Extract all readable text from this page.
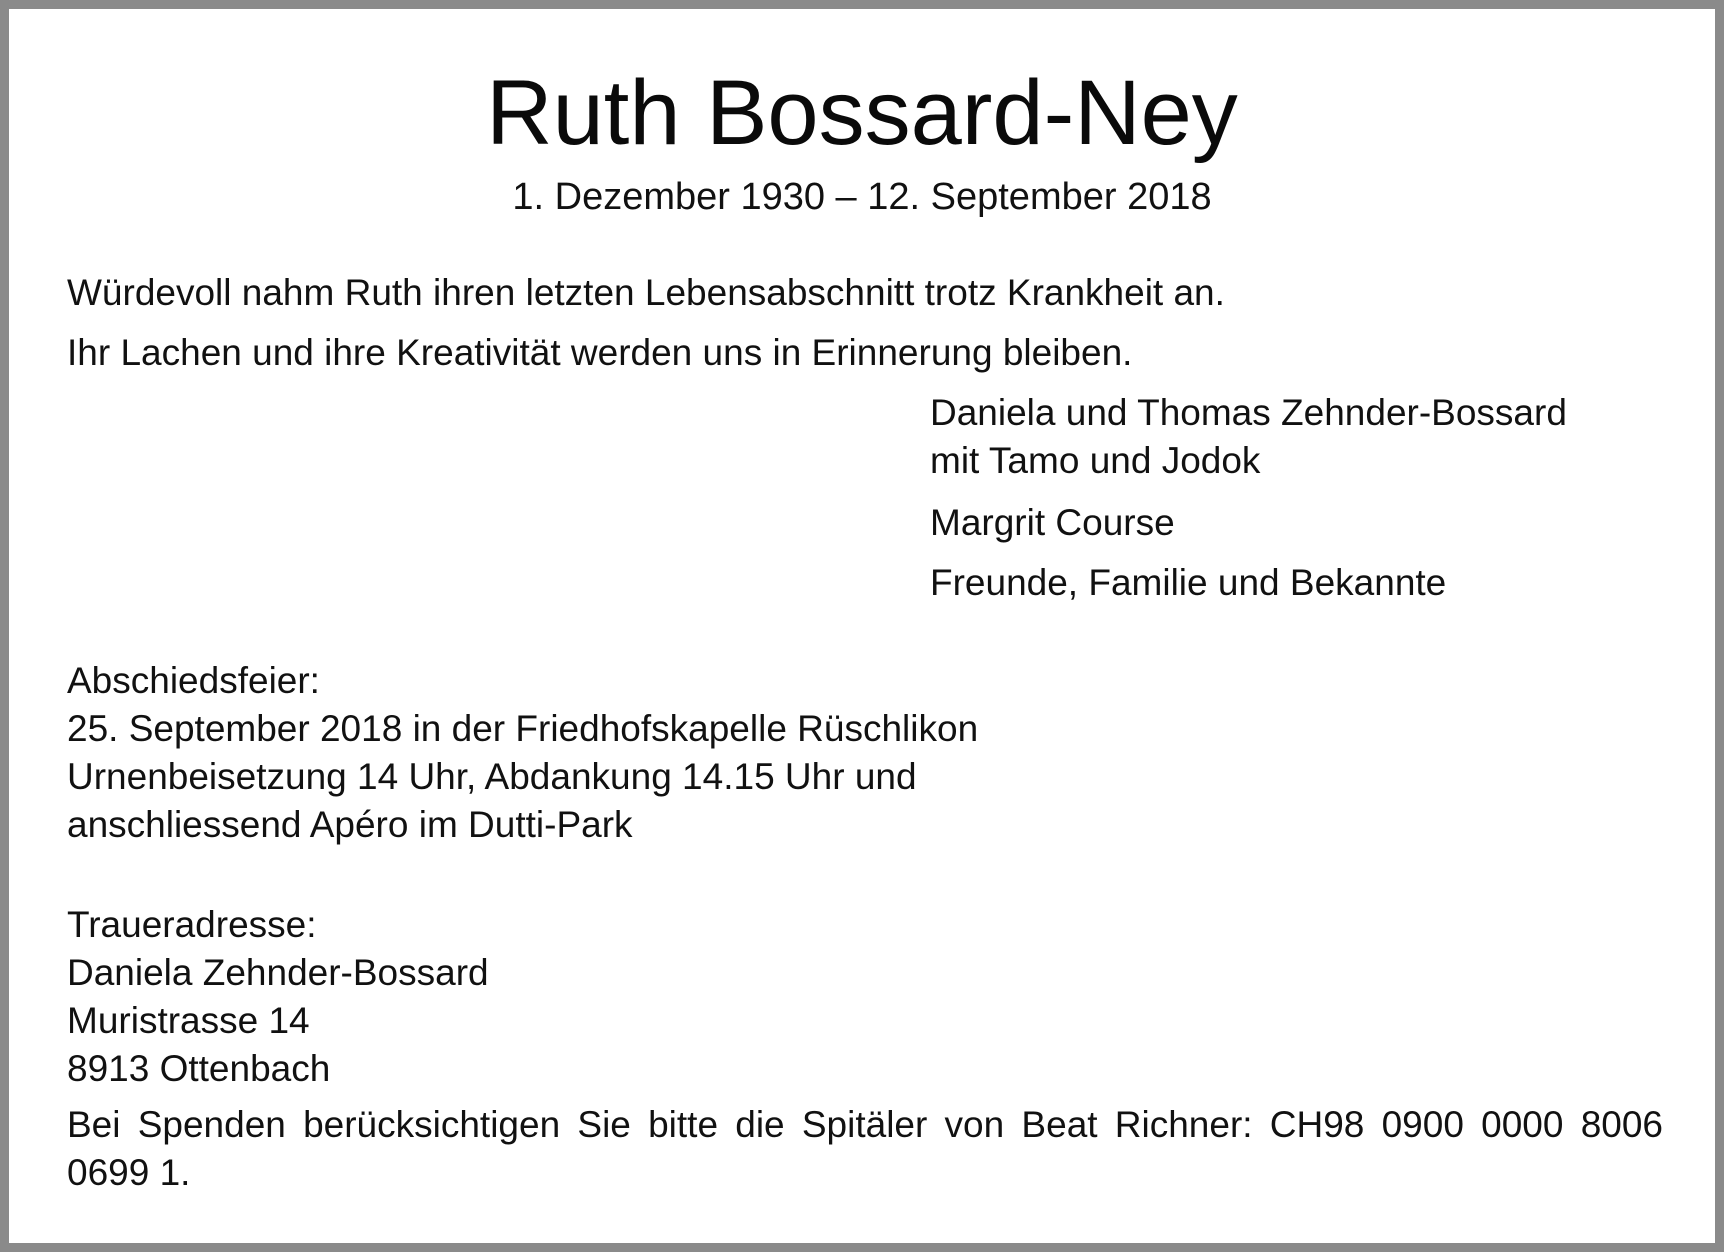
Ruth Bossard-Ney
1. Dezember 1930 – 12. September 2018
Würdevoll nahm Ruth ihren letzten Lebensabschnitt trotz Krankheit an.
Ihr Lachen und ihre Kreativität werden uns in Erinnerung bleiben.
Daniela und Thomas Zehnder-Bossard
mit Tamo und Jodok
Margrit Course
Freunde, Familie und Bekannte
Abschiedsfeier:
25. September 2018 in der Friedhofskapelle Rüschlikon
Urnenbeisetzung 14 Uhr, Abdankung 14.15 Uhr und
anschliessend Apéro im Dutti-Park
Traueradresse:
Daniela Zehnder-Bossard
Muristrasse 14
8913 Ottenbach
Bei Spenden berücksichtigen Sie bitte die Spitäler von Beat Richner: CH98 0900 0000 8006 0699 1.
